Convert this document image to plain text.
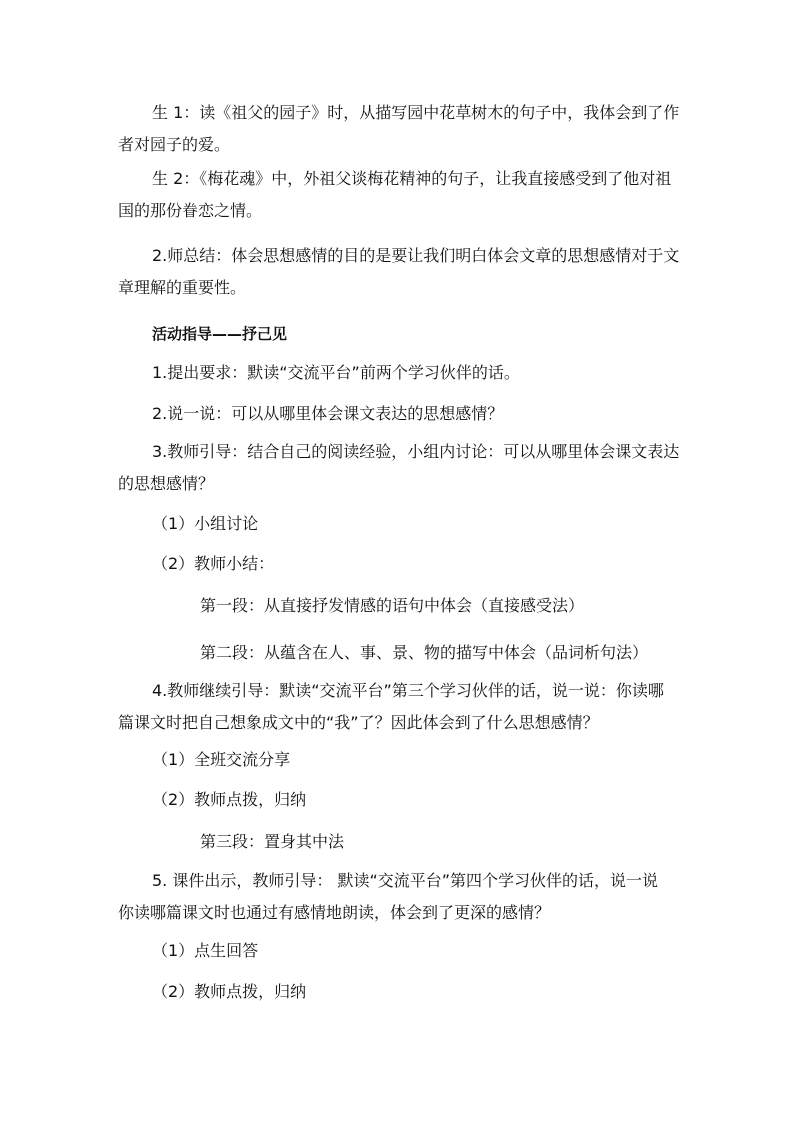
生 1：读《祖父的园子》时，从描写园中花草树木的句子中，我体会到了作

者对园子的爱。

生 2：《梅花魂》中，外祖父谈梅花精神的句子，让我直接感受到了他对祖

国的那份眷恋之情。

2.师总结：体会思想感情的目的是要让我们明白体会文章的思想感情对于文

章理解的重要性。

活动指导——抒己见

1.提出要求：默读“交流平台”前两个学习伙伴的话。

2.说一说：可以从哪里体会课文表达的思想感情？

3.教师引导：结合自己的阅读经验，小组内讨论：可以从哪里体会课文表达

的思想感情？

（1）小组讨论

（2）教师小结：

第一段：从直接抒发情感的语句中体会（直接感受法）

第二段：从蕴含在人、事、景、物的描写中体会（品词析句法）

4.教师继续引导：默读“交流平台”第三个学习伙伴的话，说一说：你读哪

篇课文时把自己想象成文中的“我”了？因此体会到了什么思想感情？

（1）全班交流分享

（2）教师点拨，归纳

第三段：置身其中法

5. 课件出示，教师引导： 默读“交流平台”第四个学习伙伴的话，说一说

你读哪篇课文时也通过有感情地朗读，体会到了更深的感情？

（1）点生回答

（2）教师点拨，归纳
